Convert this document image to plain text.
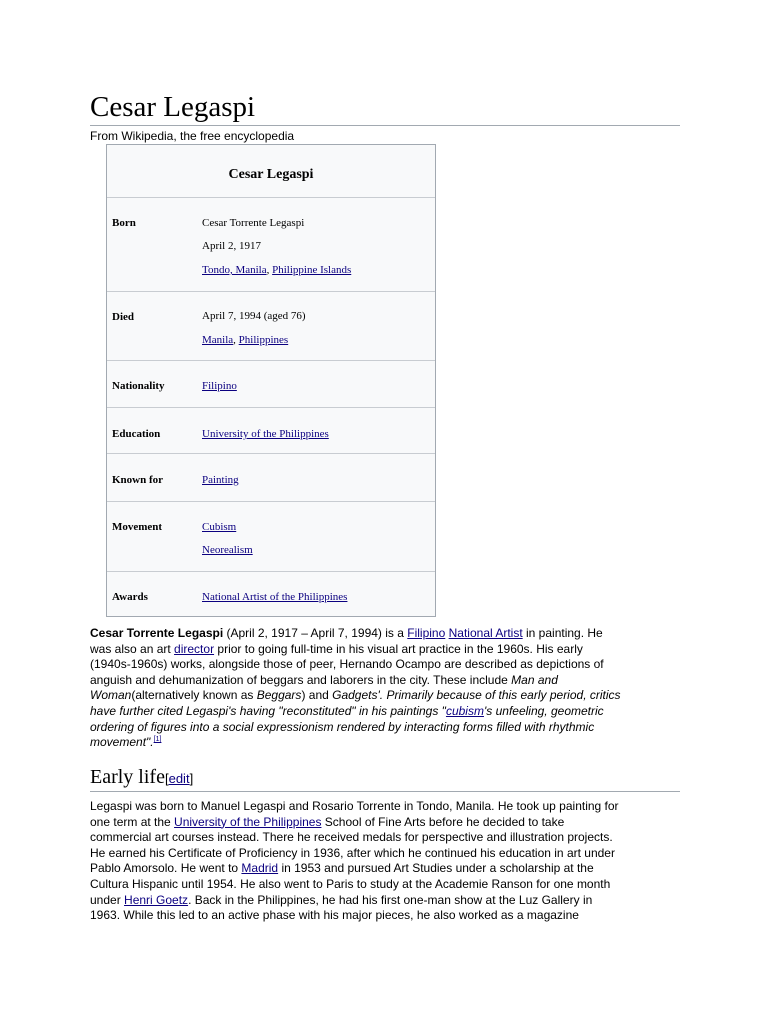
Cesar Legaspi
From Wikipedia, the free encyclopedia
Cesar Legaspi
Born	Cesar Torrente Legaspi
April 2, 1917
Tondo, Manila, Philippine Islands
Died	April 7, 1994 (aged 76)
Manila, Philippines
Nationality	Filipino
Education	University of the Philippines
Known for	Painting
Movement	Cubism
Neorealism
Awards	National Artist of the Philippines
Cesar Torrente Legaspi (April 2, 1917 – April 7, 1994) is a Filipino National Artist in painting. He
was also an art director prior to going full-time in his visual art practice in the 1960s. His early
(1940s-1960s) works, alongside those of peer, Hernando Ocampo are described as depictions of
anguish and dehumanization of beggars and laborers in the city. These include Man and
Woman(alternatively known as Beggars) and Gadgets'. Primarily because of this early period, critics
have further cited Legaspi's having "reconstituted" in his paintings "cubism's unfeeling, geometric
ordering of figures into a social expressionism rendered by interacting forms filled with rhythmic
movement".[1]
Early life[edit]
Legaspi was born to Manuel Legaspi and Rosario Torrente in Tondo, Manila. He took up painting for
one term at the University of the Philippines School of Fine Arts before he decided to take
commercial art courses instead. There he received medals for perspective and illustration projects.
He earned his Certificate of Proficiency in 1936, after which he continued his education in art under
Pablo Amorsolo. He went to Madrid in 1953 and pursued Art Studies under a scholarship at the
Cultura Hispanic until 1954. He also went to Paris to study at the Academie Ranson for one month
under Henri Goetz. Back in the Philippines, he had his first one-man show at the Luz Gallery in
1963. While this led to an active phase with his major pieces, he also worked as a magazine
